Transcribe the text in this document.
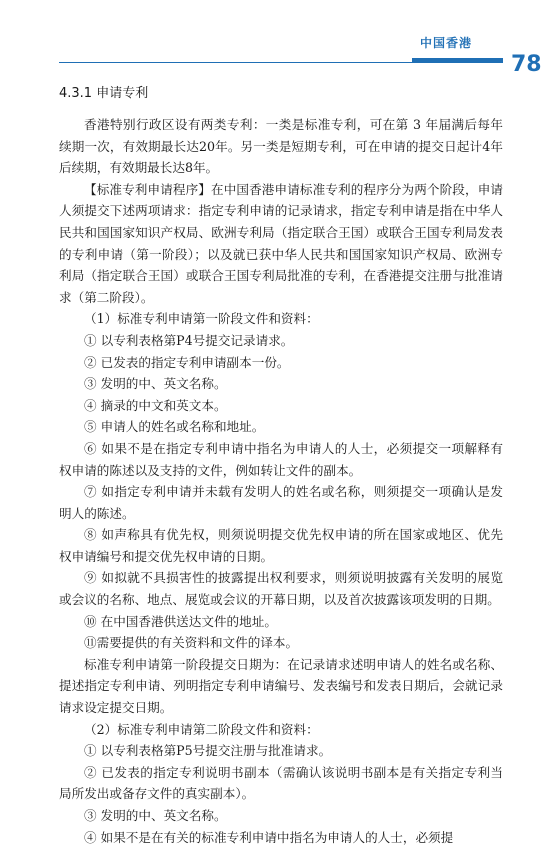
中国香港
78
4.3.1 申请专利

香港特别行政区设有两类专利：一类是标准专利，可在第 3 年届满后每年续期一次，有效期最长达20年。另一类是短期专利，可在申请的提交日起计4年后续期，有效期最长达8年。

【标准专利申请程序】在中国香港申请标准专利的程序分为两个阶段，申请人须提交下述两项请求：指定专利申请的记录请求，指定专利申请是指在中华人民共和国国家知识产权局、欧洲专利局（指定联合王国）或联合王国专利局发表的专利申请（第一阶段）；以及就已获中华人民共和国国家知识产权局、欧洲专利局（指定联合王国）或联合王国专利局批准的专利，在香港提交注册与批准请求（第二阶段）。

（1）标准专利申请第一阶段文件和资料：

① 以专利表格第P4号提交记录请求。

② 已发表的指定专利申请副本一份。

③ 发明的中、英文名称。

④ 摘录的中文和英文本。

⑤ 申请人的姓名或名称和地址。

⑥ 如果不是在指定专利申请中指名为申请人的人士，必须提交一项解释有权申请的陈述以及支持的文件，例如转让文件的副本。

⑦ 如指定专利申请并未载有发明人的姓名或名称，则须提交一项确认是发明人的陈述。

⑧ 如声称具有优先权，则须说明提交优先权申请的所在国家或地区、优先权申请编号和提交优先权申请的日期。

⑨ 如拟就不具损害性的披露提出权利要求，则须说明披露有关发明的展览或会议的名称、地点、展览或会议的开幕日期，以及首次披露该项发明的日期。

⑩ 在中国香港供送达文件的地址。

⑪需要提供的有关资料和文件的译本。

标准专利申请第一阶段提交日期为：在记录请求述明申请人的姓名或名称、提述指定专利申请、列明指定专利申请编号、发表编号和发表日期后，会就记录请求设定提交日期。

（2）标准专利申请第二阶段文件和资料：

① 以专利表格第P5号提交注册与批准请求。

② 已发表的指定专利说明书副本（需确认该说明书副本是有关指定专利当局所发出或备存文件的真实副本）。

③ 发明的中、英文名称。

④ 如果不是在有关的标准专利申请中指名为申请人的人士，必须提
